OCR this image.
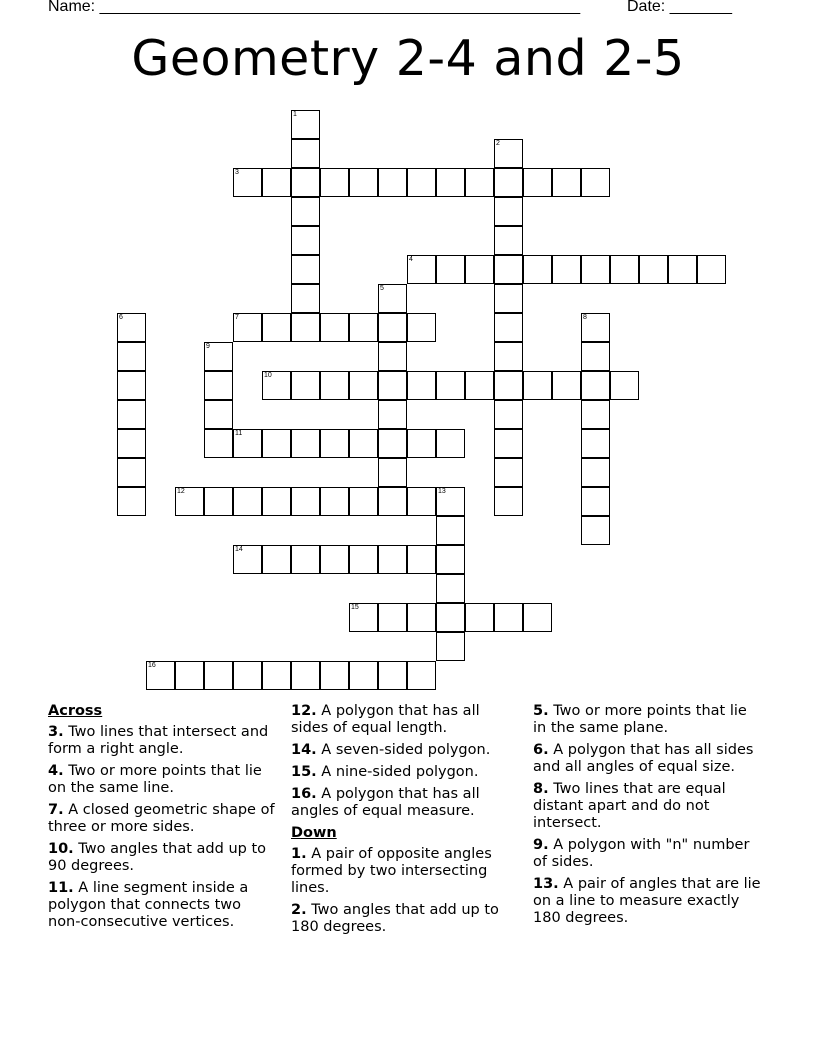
Name: ______________________________________________________	Date: _______
Geometry 2-4 and 2-5
1
2
3
4
5
6	7	8
9
10
11
12	13
14
15
16
Across

3. Two lines that intersect and form a right angle.

4. Two or more points that lie on the same line.

7. A closed geometric shape of three or more sides.

10. Two angles that add up to 90 degrees.

11. A line segment inside a polygon that connects two non-consecutive vertices.

12. A polygon that has all sides of equal length.

14. A seven-sided polygon.

15. A nine-sided polygon.

16. A polygon that has all angles of equal measure.

Down

1. A pair of opposite angles formed by two intersecting lines.

2. Two angles that add up to 180 degrees.

5. Two or more points that lie in the same plane.

6. A polygon that has all sides and all angles of equal size.

8. Two lines that are equal distant apart and do not intersect.

9. A polygon with "n" number of sides.

13. A pair of angles that are lie on a line to measure exactly 180 degrees.
